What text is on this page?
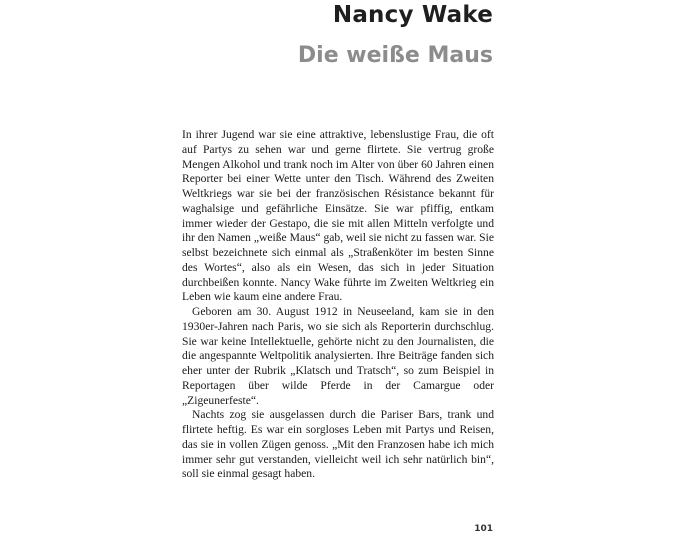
Nancy Wake
Die weiße Maus

In ihrer Jugend war sie eine attraktive, lebenslustige Frau, die oft auf Partys zu sehen war und gerne flirtete. Sie vertrug große Mengen Alkohol und trank noch im Alter von über 60 Jahren einen Reporter bei einer Wette unter den Tisch. Während des Zweiten Weltkriegs war sie bei der französischen Résistance bekannt für waghalsige und gefährliche Einsätze. Sie war pfiffig, entkam immer wieder der Gestapo, die sie mit allen Mitteln verfolgte und ihr den Namen „weiße Maus“ gab, weil sie nicht zu fassen war. Sie selbst bezeichnete sich einmal als „Straßenköter im besten Sinne des Wortes“, also als ein Wesen, das sich in jeder Situation durchbeißen konnte. Nancy Wake führte im Zweiten Weltkrieg ein Leben wie kaum eine andere Frau.

Geboren am 30. August 1912 in Neuseeland, kam sie in den 1930er-Jahren nach Paris, wo sie sich als Reporterin durchschlug. Sie war keine Intellektuelle, gehörte nicht zu den Journalisten, die die angespannte Weltpolitik analysierten. Ihre Beiträge fanden sich eher unter der Rubrik „Klatsch und Tratsch“, so zum Beispiel in Reportagen über wilde Pferde in der Camargue oder „Zigeunerfeste“.

Nachts zog sie ausgelassen durch die Pariser Bars, trank und flirtete heftig. Es war ein sorgloses Leben mit Partys und Reisen, das sie in vollen Zügen genoss. „Mit den Franzosen habe ich mich immer sehr gut verstanden, vielleicht weil ich sehr natürlich bin“, soll sie einmal gesagt haben.

101
